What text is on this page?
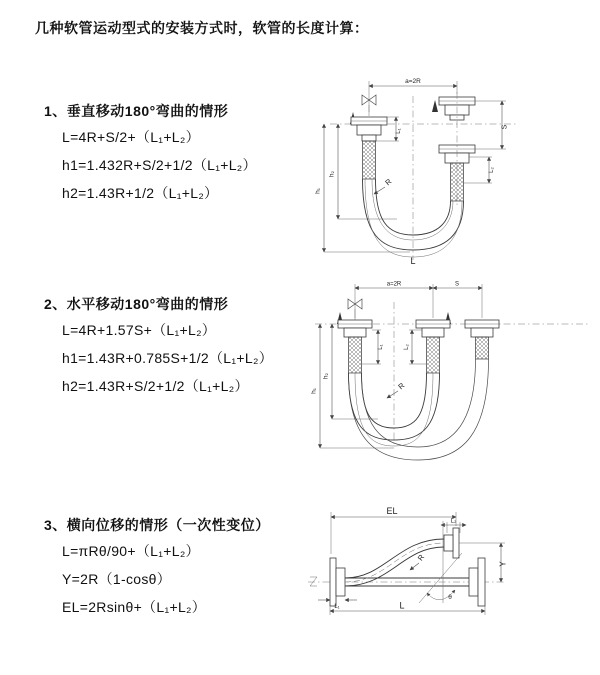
几种软管运动型式的安装方式时，软管的长度计算：
1、垂直移动180°弯曲的情形
L=4R+S/2+（L₁+L₂）
h1=1.432R+S/2+1/2（L₁+L₂）
h2=1.43R+1/2（L₁+L₂）
2、水平移动180°弯曲的情形
L=4R+1.57S+（L₁+L₂）
h1=1.43R+0.785S+1/2（L₁+L₂）
h2=1.43R+S/2+1/2（L₁+L₂）
3、横向位移的情形（一次性变位）
L=πRθ/90+（L₁+L₂）
Y=2R（1-cosθ）
EL=2Rsinθ+（L₁+L₂）
a=2R
L₁
S
L₂
h₁
h₂
R
L
a=2R	S
L₁	L₂
h₁
h₂
R
EL
L₂
Y
θ
R
L₁	L
